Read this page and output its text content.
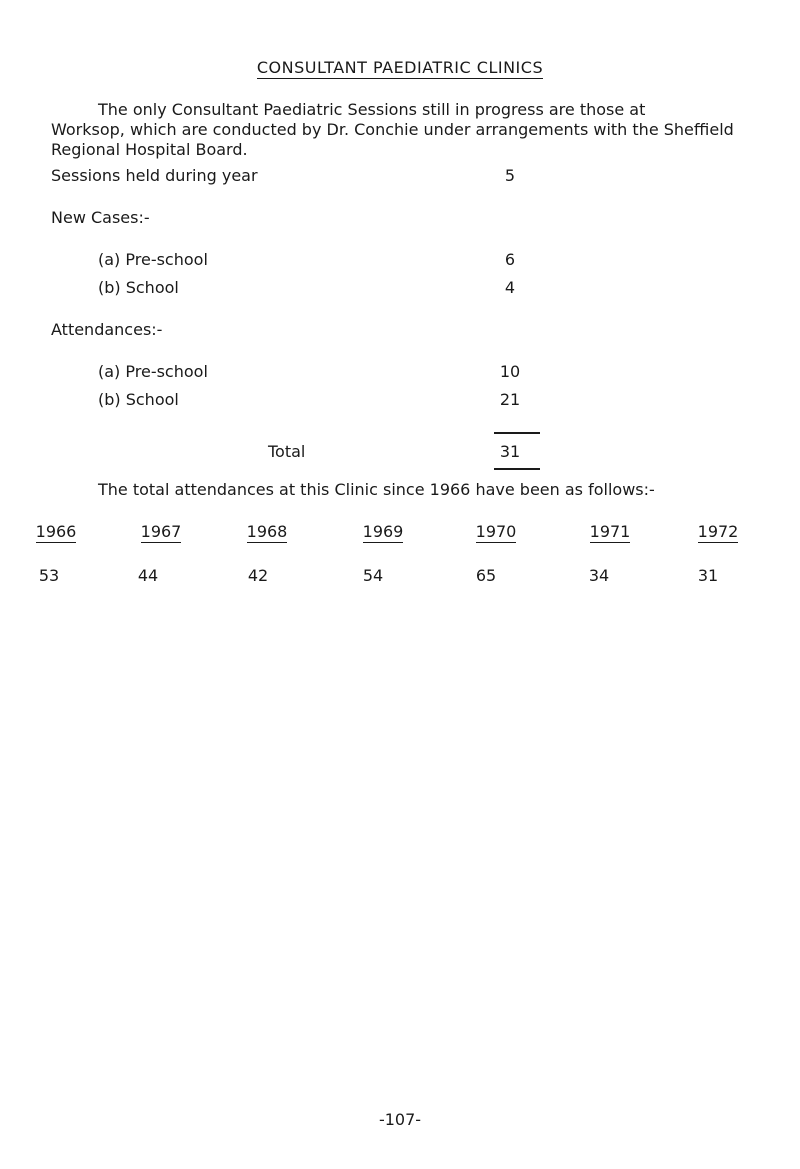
CONSULTANT PAEDIATRIC CLINICS
The only Consultant Paediatric Sessions still in progress are those at
Worksop, which are conducted by Dr. Conchie under arrangements with the Sheffield
Regional Hospital Board.
Sessions held during year	5
New Cases:-
(a) Pre-school	6
(b) School	4
Attendances:-
(a) Pre-school	10
(b) School	21
Total	31
The total attendances at this Clinic since 1966 have been as follows:-
1966	1967	1968	1969	1970	1971	1972
53	44	42	54	65	34	31
-107-
